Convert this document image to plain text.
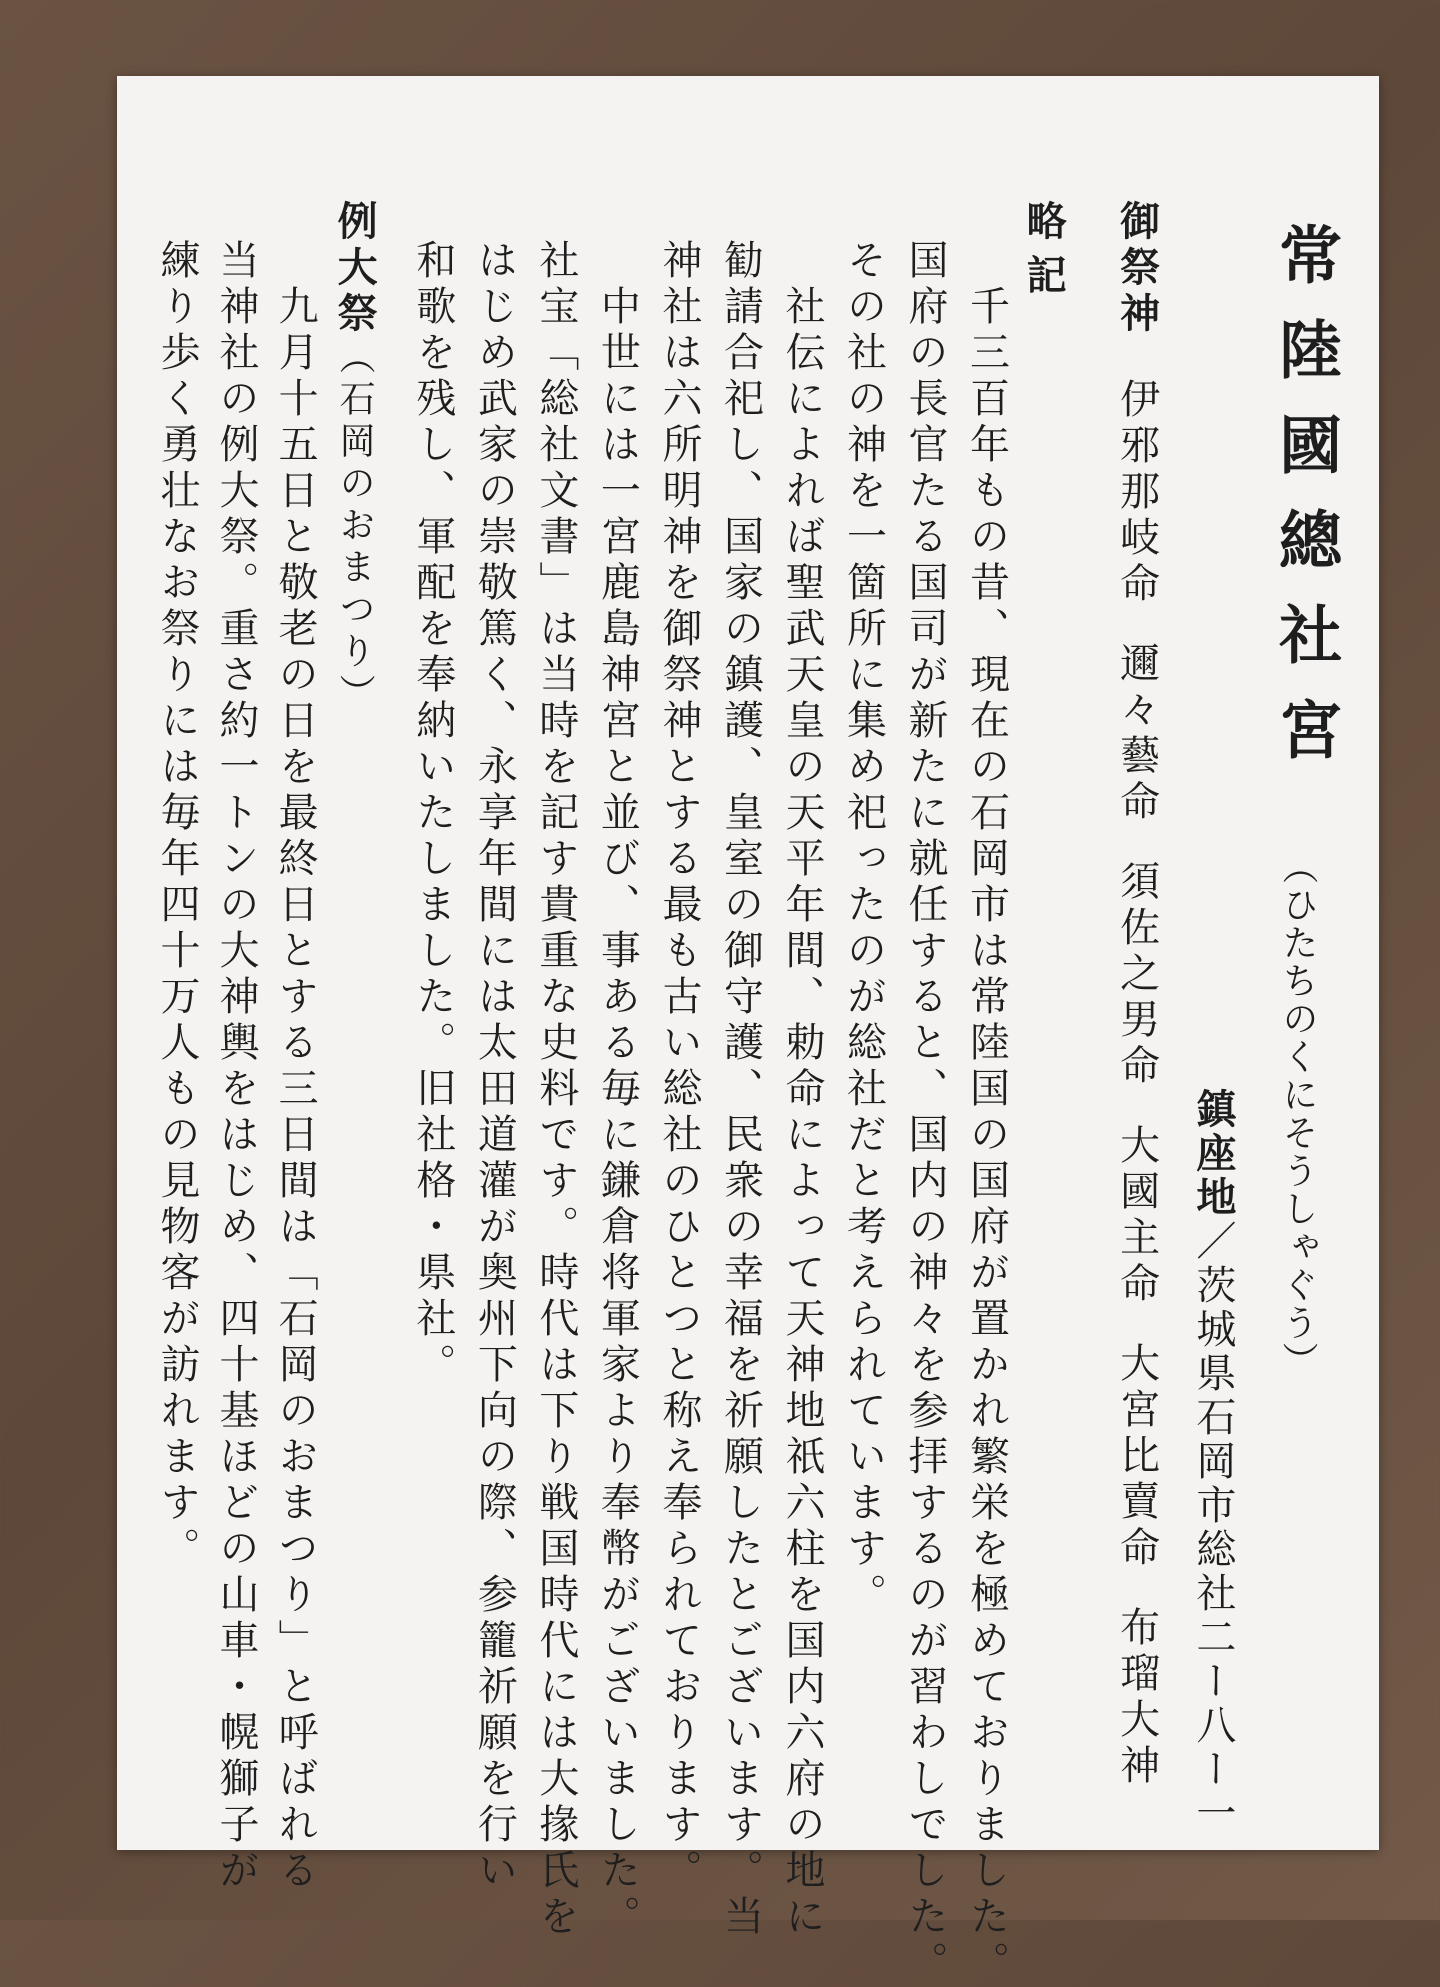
常陸國總社宮
（ひたちのくにそうしゃぐう）
鎮座地／茨城県石岡市総社二ー八ー一
御祭神伊邪那岐命邇々藝命須佐之男命大國主命大宮比賣命布瑠大神
略記
　千三百年もの昔、現在の石岡市は常陸国の国府が置かれ繁栄を極めておりました。
国府の長官たる国司が新たに就任すると、国内の神々を参拝するのが習わしでした。
その社の神を一箇所に集め祀ったのが総社だと考えられています。
　社伝によれば聖武天皇の天平年間、勅命によって天神地祇六柱を国内六府の地に
勧請合祀し、国家の鎮護、皇室の御守護、民衆の幸福を祈願したとございます。当
神社は六所明神を御祭神とする最も古い総社のひとつと称え奉られております。
　中世には一宮鹿島神宮と並び、事ある毎に鎌倉将軍家より奉幣がございました。
社宝「総社文書」は当時を記す貴重な史料です。時代は下り戦国時代には大掾氏を
はじめ武家の崇敬篤く、永享年間には太田道灌が奥州下向の際、参籠祈願を行い
和歌を残し、軍配を奉納いたしました。旧社格・県社。
例大祭（石岡のおまつり）
　九月十五日と敬老の日を最終日とする三日間は「石岡のおまつり」と呼ばれる
当神社の例大祭。重さ約一トンの大神輿をはじめ、四十基ほどの山車・幌獅子が
練り歩く勇壮なお祭りには毎年四十万人もの見物客が訪れます。
